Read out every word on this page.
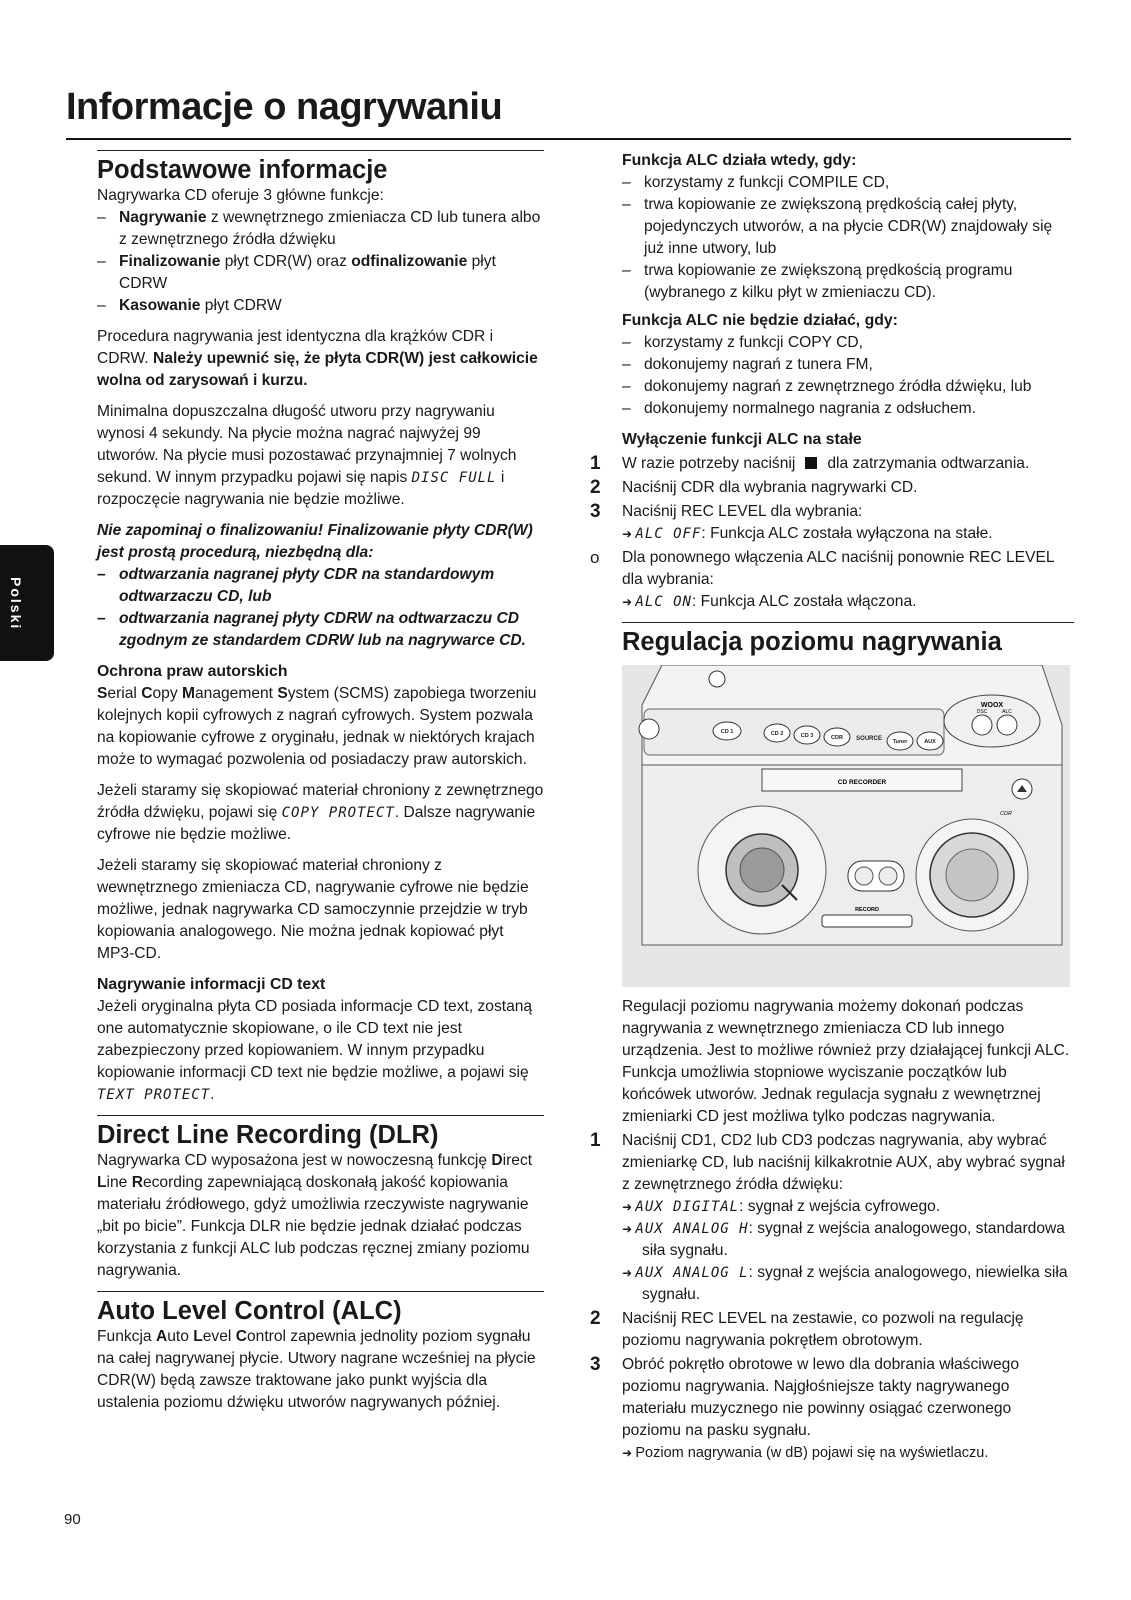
Informacje o nagrywaniu
Polski
Podstawowe informacje

Nagrywarka CD oferuje 3 główne funkcje:

– Nagrywanie z wewnętrznego zmieniacza CD lub tunera albo z zewnętrznego źródła dźwięku
– Finalizowanie płyt CDR(W) oraz odfinalizowanie płyt CDRW
– Kasowanie płyt CDRW

Procedura nagrywania jest identyczna dla krążków CDR i CDRW. Należy upewnić się, że płyta CDR(W) jest całkowicie wolna od zarysowań i kurzu.

Minimalna dopuszczalna długość utworu przy nagrywaniu wynosi 4 sekundy. Na płycie można nagrać najwyżej 99 utworów. Na płycie musi pozostawać przynajmniej 7 wolnych sekund. W innym przypadku pojawi się napis DISC FULL i rozpoczęcie nagrywania nie będzie możliwe.

Nie zapominaj o finalizowaniu! Finalizowanie płyty CDR(W) jest prostą procedurą, niezbędną dla:

– odtwarzania nagranej płyty CDR na standardowym odtwarzaczu CD, lub
– odtwarzania nagranej płyty CDRW na odtwarzaczu CD zgodnym ze standardem CDRW lub na nagrywarce CD.
Ochrona praw autorskich

Serial Copy Management System (SCMS) zapobiega tworzeniu kolejnych kopii cyfrowych z nagrań cyfrowych. System pozwala na kopiowanie cyfrowe z oryginału, jednak w niektórych krajach może to wymagać pozwolenia od posiadaczy praw autorskich.

Jeżeli staramy się skopiować materiał chroniony z zewnętrznego źródła dźwięku, pojawi się COPY PROTECT. Dalsze nagrywanie cyfrowe nie będzie możliwe.

Jeżeli staramy się skopiować materiał chroniony z wewnętrznego zmieniacza CD, nagrywanie cyfrowe nie będzie możliwe, jednak nagrywarka CD samoczynnie przejdzie w tryb kopiowania analogowego. Nie można jednak kopiować płyt MP3-CD.

Nagrywanie informacji CD text

Jeżeli oryginalna płyta CD posiada informacje CD text, zostaną one automatycznie skopiowane, o ile CD text nie jest zabezpieczony przed kopiowaniem. W innym przypadku kopiowanie informacji CD text nie będzie możliwe, a pojawi się TEXT PROTECT.

Direct Line Recording (DLR)

Nagrywarka CD wyposażona jest w nowoczesną funkcję Direct Line Recording zapewniającą doskonałą jakość kopiowania materiału źródłowego, gdyż umożliwia rzeczywiste nagrywanie „bit po bicie”. Funkcja DLR nie będzie jednak działać podczas korzystania z funkcji ALC lub podczas ręcznej zmiany poziomu nagrywania.

Auto Level Control (ALC)

Funkcja Auto Level Control zapewnia jednolity poziom sygnału na całej nagrywanej płycie. Utwory nagrane wcześniej na płycie CDR(W) będą zawsze traktowane jako punkt wyjścia dla ustalenia poziomu dźwięku utworów nagrywanych później.

Funkcja ALC działa wtedy, gdy:
– korzystamy z funkcji COMPILE CD,
– trwa kopiowanie ze zwiększoną prędkością całej płyty, pojedynczych utworów, a na płycie CDR(W) znajdowały się już inne utwory, lub
– trwa kopiowanie ze zwiększoną prędkością programu (wybranego z kilku płyt w zmieniaczu CD).
Funkcja ALC nie będzie działać, gdy:
– korzystamy z funkcji COPY CD,
– dokonujemy nagrań z tunera FM,
– dokonujemy nagrań z zewnętrznego źródła dźwięku, lub
– dokonujemy normalnego nagrania z odsłuchem.
Wyłączenie funkcji ALC na stałe
1	W razie potrzeby naciśnij dla zatrzymania odtwarzania.
2	Naciśnij CDR dla wybrania nagrywarki CD.
3	Naciśnij REC LEVEL dla wybrania:
➜ ALC OFF: Funkcja ALC została wyłączona na stałe.
o	Dla ponownego włączenia ALC naciśnij ponownie REC LEVEL dla wybrania:
➜ ALC ON: Funkcja ALC została włączona.
Regulacja poziomu nagrywania
CD 1	CD 2	CD 3	CDR SOURCE Tuner	AUX
WOOX
DSC	ALC
CD RECORDER
CDR
RECORD

Regulacji poziomu nagrywania możemy dokonań podczas nagrywania z wewnętrznego zmieniacza CD lub innego urządzenia. Jest to możliwe również przy działającej funkcji ALC. Funkcja umożliwia stopniowe wyciszanie początków lub końcówek utworów. Jednak regulacja sygnału z wewnętrznej zmieniarki CD jest możliwa tylko podczas nagrywania.

1	Naciśnij CD1, CD2 lub CD3 podczas nagrywania, aby wybrać zmieniarkę CD, lub naciśnij kilkakrotnie AUX, aby wybrać sygnał z zewnętrznego źródła dźwięku:
➜ AUX DIGITAL: sygnał z wejścia cyfrowego.
➜ AUX ANALOG H: sygnał z wejścia analogowego, standardowa siła sygnału.
➜ AUX ANALOG L: sygnał z wejścia analogowego, niewielka siła sygnału.
2	Naciśnij REC LEVEL na zestawie, co pozwoli na regulację poziomu nagrywania pokrętłem obrotowym.
3	Obróć pokrętło obrotowe w lewo dla dobrania właściwego poziomu nagrywania. Najgłośniejsze takty nagrywanego materiału muzycznego nie powinny osiągać czerwonego poziomu na pasku sygnału.
➜ Poziom nagrywania (w dB) pojawi się na wyświetlaczu.
90
